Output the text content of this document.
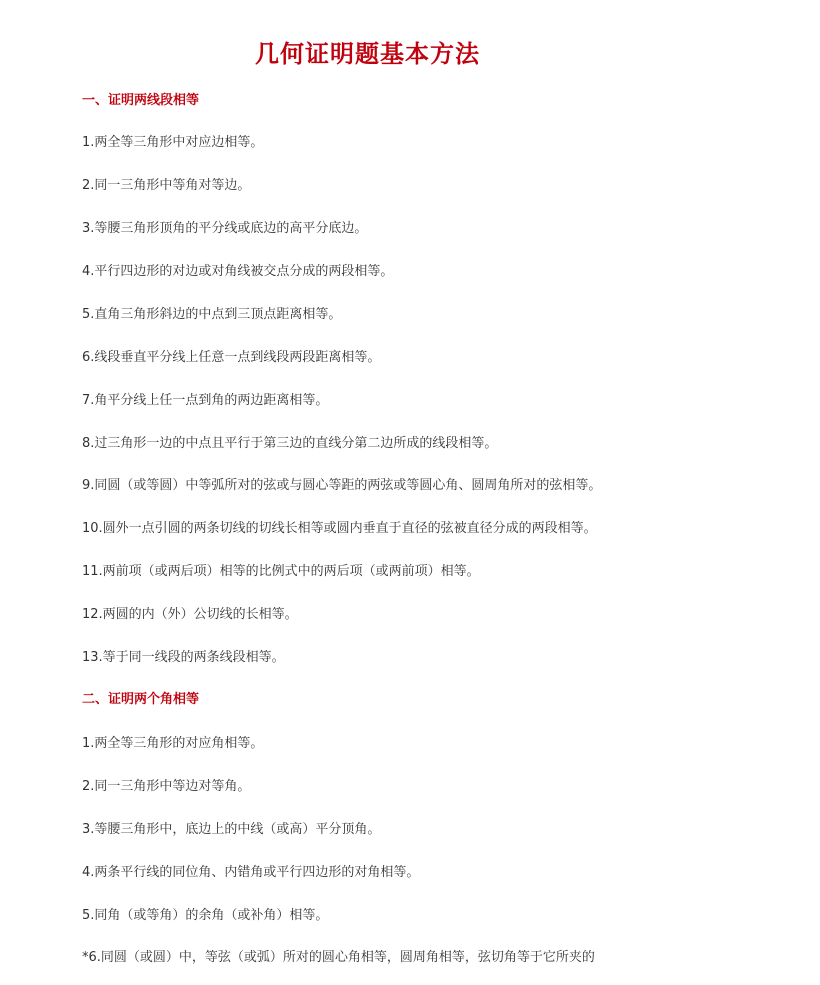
几何证明题基本方法
一、证明两线段相等
1.两全等三角形中对应边相等。
2.同一三角形中等角对等边。
3.等腰三角形顶角的平分线或底边的高平分底边。
4.平行四边形的对边或对角线被交点分成的两段相等。
5.直角三角形斜边的中点到三顶点距离相等。
6.线段垂直平分线上任意一点到线段两段距离相等。
7.角平分线上任一点到角的两边距离相等。
8.过三角形一边的中点且平行于第三边的直线分第二边所成的线段相等。
9.同圆（或等圆）中等弧所对的弦或与圆心等距的两弦或等圆心角、圆周角所对的弦相等。
10.圆外一点引圆的两条切线的切线长相等或圆内垂直于直径的弦被直径分成的两段相等。
11.两前项（或两后项）相等的比例式中的两后项（或两前项）相等。
12.两圆的内（外）公切线的长相等。
13.等于同一线段的两条线段相等。
二、证明两个角相等
1.两全等三角形的对应角相等。
2.同一三角形中等边对等角。
3.等腰三角形中，底边上的中线（或高）平分顶角。
4.两条平行线的同位角、内错角或平行四边形的对角相等。
5.同角（或等角）的余角（或补角）相等。
*6.同圆（或圆）中，等弦（或弧）所对的圆心角相等，圆周角相等，弦切角等于它所夹的
